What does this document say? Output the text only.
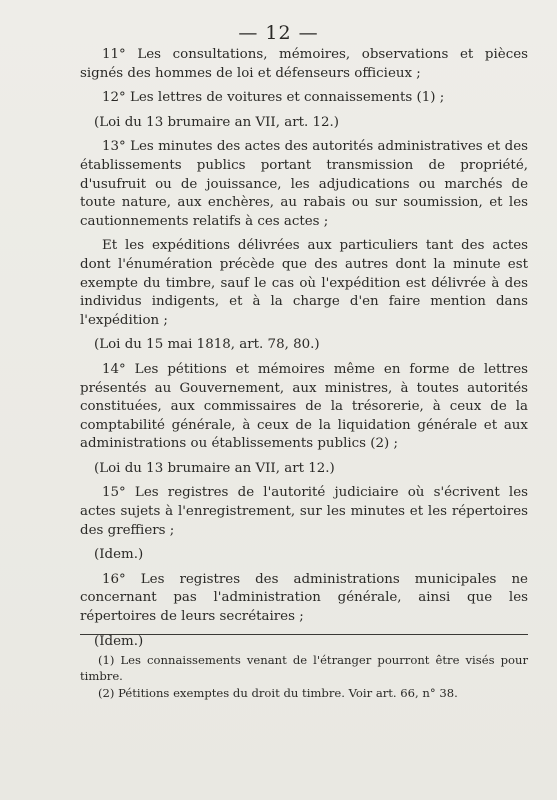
— 12 —

11° Les consultations, mémoires, observations et pièces signés des hommes de loi et défenseurs officieux ;

12° Les lettres de voitures et connaissements (1) ;

(Loi du 13 brumaire an VII, art. 12.)

13° Les minutes des actes des autorités administratives et des établissements publics portant transmission de propriété, d'usufruit ou de jouissance, les adjudications ou marchés de toute nature, aux enchères, au rabais ou sur soumission, et les cautionnements relatifs à ces actes ;

Et les expéditions délivrées aux particuliers tant des actes dont l'énumération précède que des autres dont la minute est exempte du timbre, sauf le cas où l'expédition est délivrée à des individus indigents, et à la charge d'en faire mention dans l'expédition ;

(Loi du 15 mai 1818, art. 78, 80.)

14° Les pétitions et mémoires même en forme de lettres présentés au Gouvernement, aux ministres, à toutes autorités constituées, aux commissaires de la trésorerie, à ceux de la comptabilité générale, à ceux de la liquidation générale et aux administrations ou établissements publics (2) ;

(Loi du 13 brumaire an VII, art 12.)

15° Les registres de l'autorité judiciaire où s'écrivent les actes sujets à l'enregistrement, sur les minutes et les répertoires des greffiers ;

(Idem.)

16° Les registres des administrations municipales ne concernant pas l'administration générale, ainsi que les répertoires de leurs secrétaires ;

(Idem.)

(1) Les connaissements venant de l'étranger pourront être visés pour timbre.

(2) Pétitions exemptes du droit du timbre. Voir art. 66, n° 38.
